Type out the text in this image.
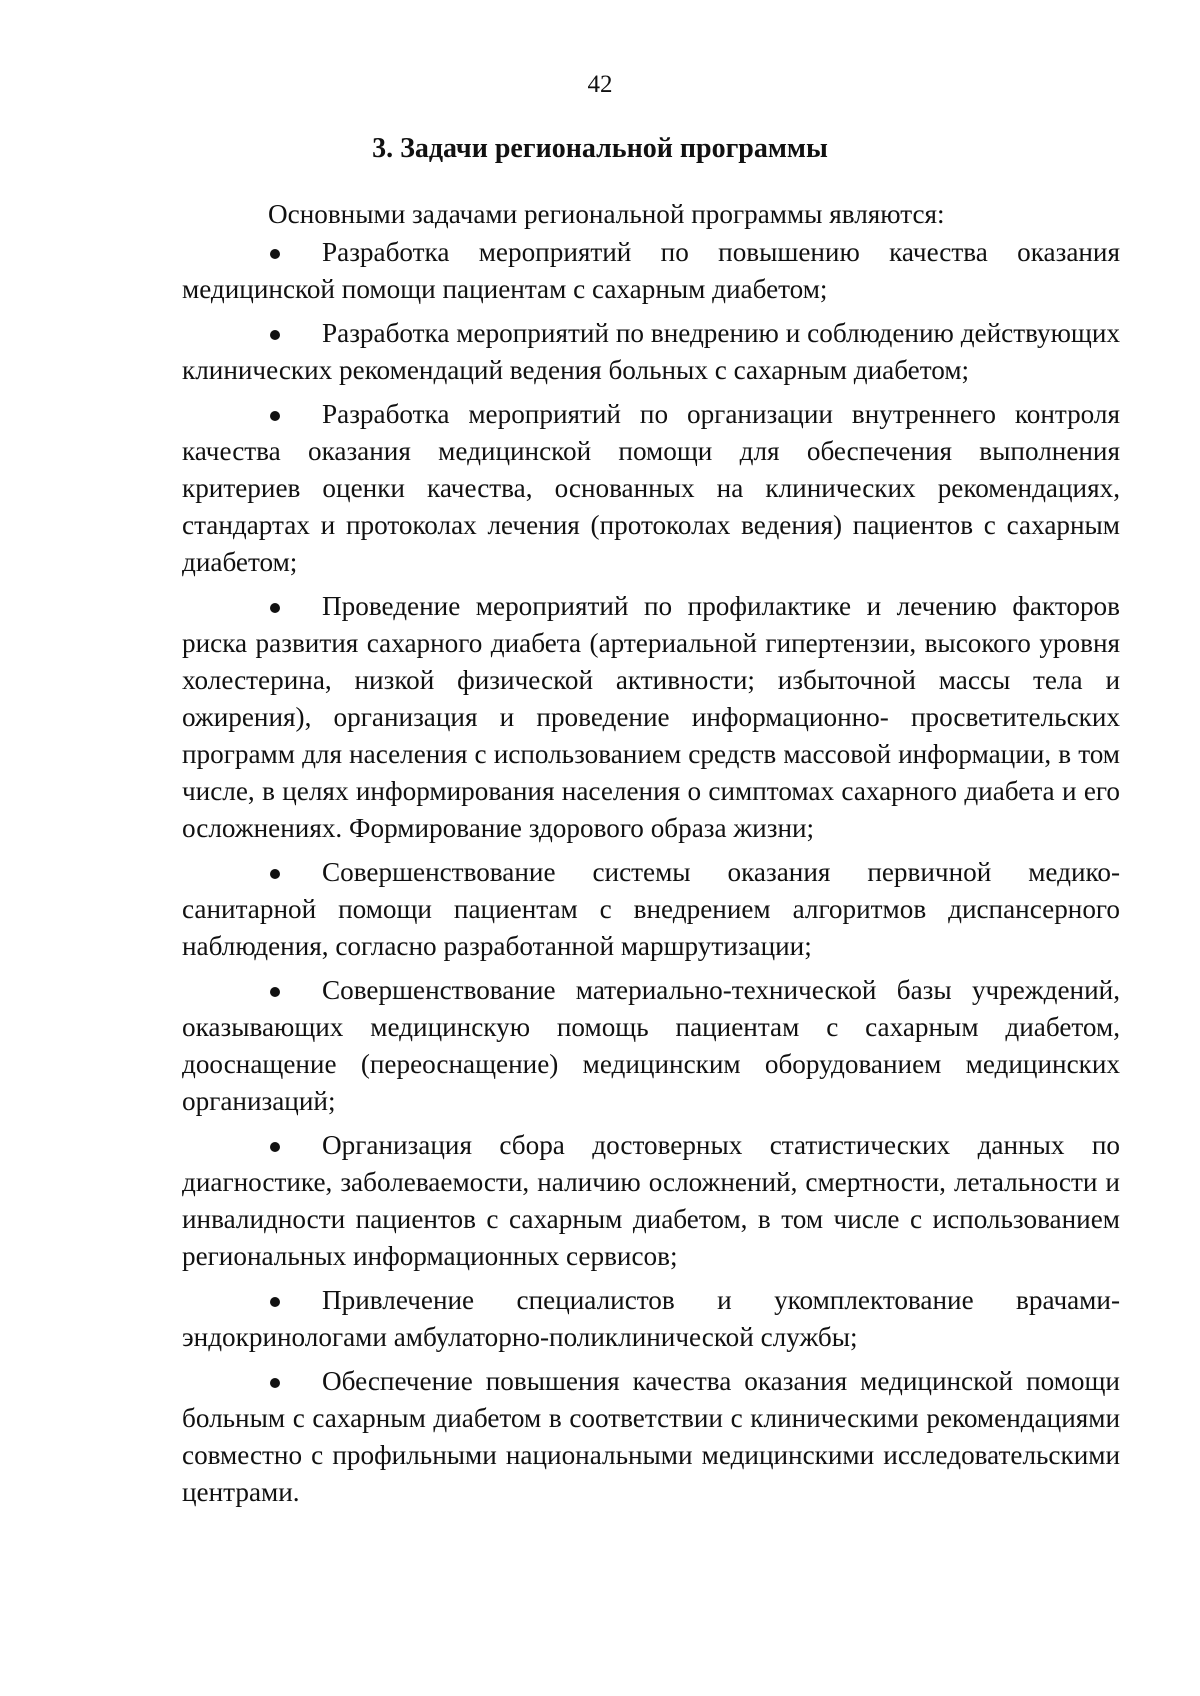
42
3. Задачи региональной программы

Основными задачами региональной программы являются:

Разработка мероприятий по повышению качества оказания медицинской помощи пациентам с сахарным диабетом;
Разработка мероприятий по внедрению и соблюдению действующих клинических рекомендаций ведения больных с сахарным диабетом;
Разработка мероприятий по организации внутреннего контроля качества оказания медицинской помощи для обеспечения выполнения критериев оценки качества, основанных на клинических рекомендациях, стандартах и протоколах лечения (протоколах ведения) пациентов с сахарным диабетом;
Проведение мероприятий по профилактике и лечению факторов риска развития сахарного диабета (артериальной гипертензии, высокого уровня холестерина, низкой физической активности; избыточной массы тела и ожирения), организация и проведение информационно- просветительских программ для населения с использованием средств массовой информации, в том числе, в целях информирования населения о симптомах сахарного диабета и его осложнениях. Формирование здорового образа жизни;
Совершенствование системы оказания первичной медико-санитарной помощи пациентам с внедрением алгоритмов диспансерного наблюдения, согласно разработанной маршрутизации;
Совершенствование материально-технической базы учреждений, оказывающих медицинскую помощь пациентам с сахарным диабетом, дооснащение (переоснащение) медицинским оборудованием медицинских организаций;
Организация сбора достоверных статистических данных по диагностике, заболеваемости, наличию осложнений, смертности, летальности и инвалидности пациентов с сахарным диабетом, в том числе с использованием региональных информационных сервисов;
Привлечение специалистов и укомплектование врачами-эндокринологами амбулаторно-поликлинической службы;
Обеспечение повышения качества оказания медицинской помощи больным с сахарным диабетом в соответствии с клиническими рекомендациями совместно с профильными национальными медицинскими исследовательскими центрами.
